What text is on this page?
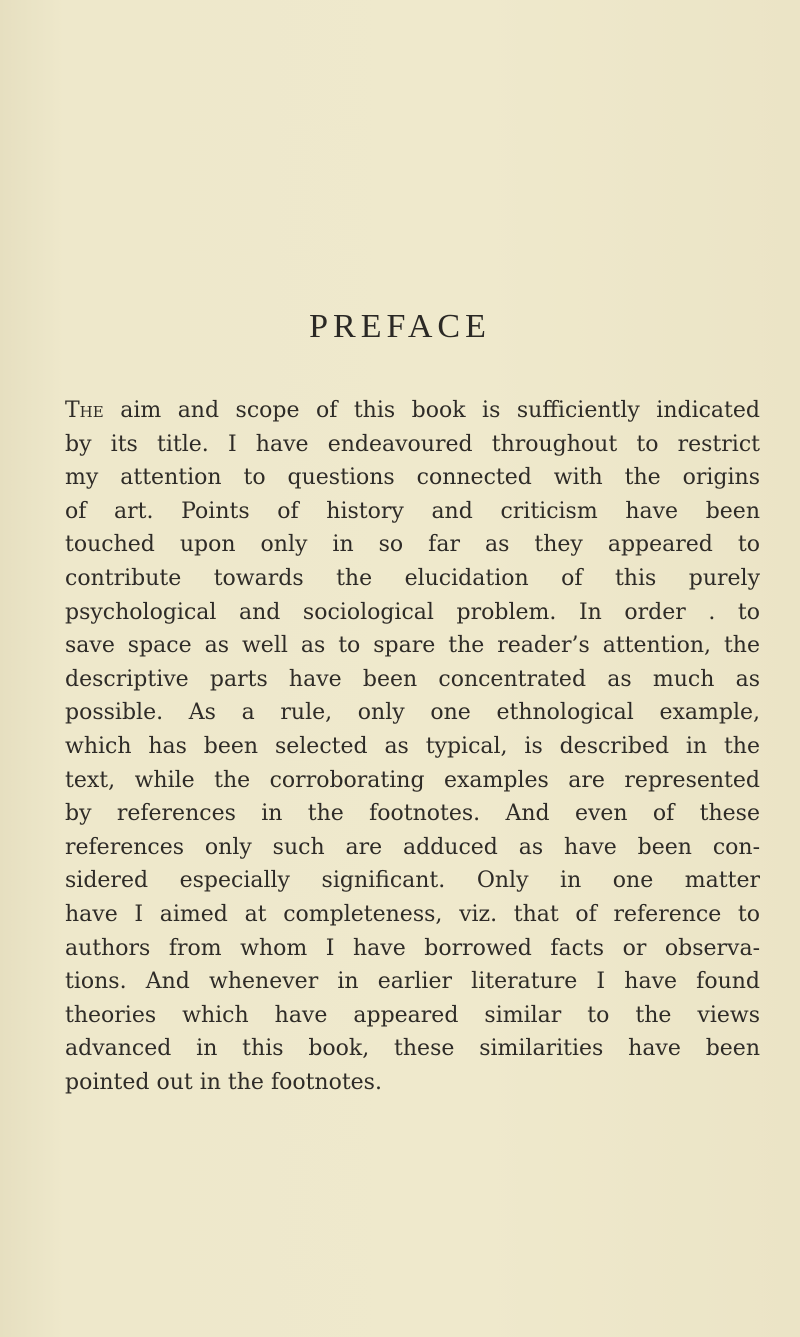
PREFACE
The aim and scope of this book is sufficiently indicated
by its title. I have endeavoured throughout to restrict
my attention to questions connected with the origins
of art. Points of history and criticism have been
touched upon only in so far as they appeared to
contribute towards the elucidation of this purely
psychological and sociological problem. In order . to
save space as well as to spare the reader’s attention, the
descriptive parts have been concentrated as much as
possible. As a rule, only one ethnological example,
which has been selected as typical, is described in the
text, while the corroborating examples are represented
by references in the footnotes. And even of these
references only such are adduced as have been con-
sidered especially significant. Only in one matter
have I aimed at completeness, viz. that of reference to
authors from whom I have borrowed facts or observa-
tions. And whenever in earlier literature I have found
theories which have appeared similar to the views
advanced in this book, these similarities have been
pointed out in the footnotes.
